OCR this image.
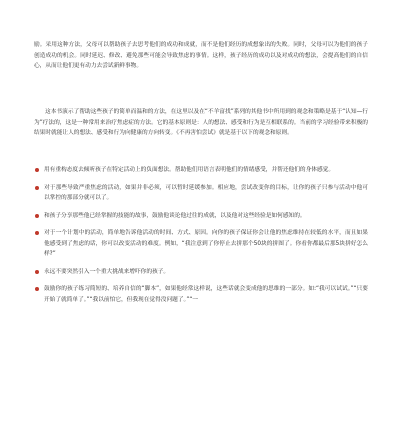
励。采用这种方法，父母可以帮助孩子去思考他们的成功和成就，而不是他们经历的成想象出的失败。同时，父母可以为他们的孩子创造成功的机会。同时延迟、修改、避免那些可能会导致焦虑的事情。这样，孩子经历的成功以及对成功的想法，会提高他们的自信心，从而让他们更有动力去尝试新鲜事物。

这本书演示了帮助这些孩子的简单而温和的方法，在这里以及在“不羊富找”系列的其他书中所用到的观念和策略是基于“认知—行为”疗法的，这是一种常用来治疗焦虑症的方法。它的基本原则是：人的想法、感受和行为是互相联系的。当前的学习经验带来积极的结果时就能让人的想法、感受和行为向健康的方向转变。《不再害怕尝试》就是基于以下的观念和原则。

用有重构态度去倾听孩子在特定活动上的负面想法。帮助他们用语言表明他们的情绪感受，并帮还他们的身体感觉。
对于那些导致严重焦虑的活动，如果并非必须，可以暂时延缓参加。相应地，尝试改变你的目标，让你的孩子只参与活动中他可以掌控的那部分就可以了。
和孩子分享那些他已经掌握的技能的故事，鼓励他谈论他过往的成就，以及他对这些经验是如何感知的。
对于一个计划中的活动，简单地告诉他活动的时间、方式、原因。向你的孩子保证你会让他的焦虑维持在较低的水平，而且如果他感受到了焦虑的话，你可以改变活动的难度。例如，“我注意到了你停止去拼那个50块的拼图了。你看你都最后那5块拼好怎么样?”
永远不要突然引入一个重大挑战来增吓你的孩子。
鼓励你的孩子练习简短的、培养自信的“脚本”，如果他经常这样说，这些话就会变成他的思维的一部分。如:“我可以试试。”“只要开始了就简单了。”“我以前怕它，但我现在觉得没问题了。”“一
